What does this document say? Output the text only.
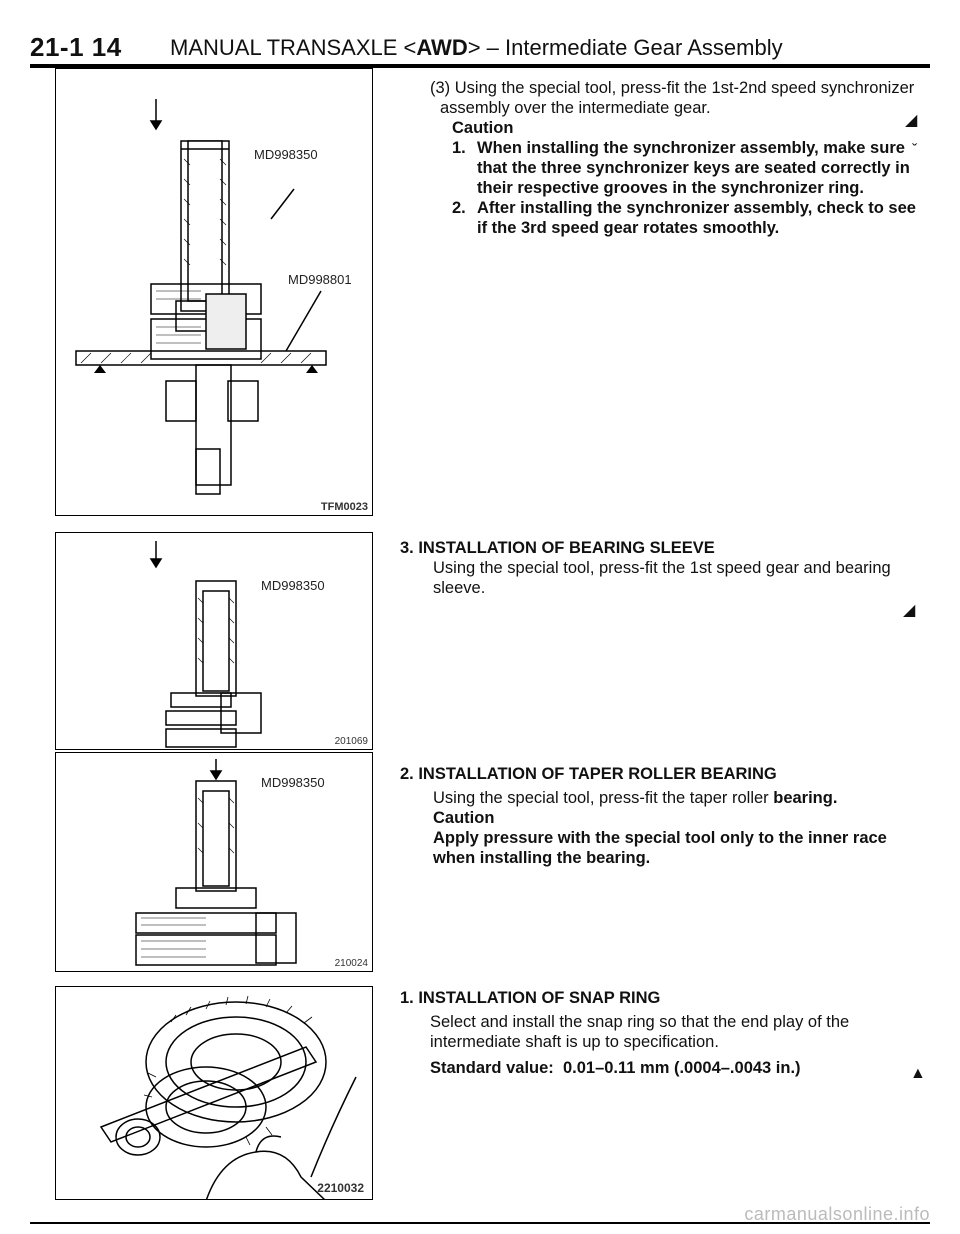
21-1 14 MANUAL TRANSAXLE <AWD> – Intermediate Gear Assembly
MD998350
MD998801
TFM0023
MD998350
201069
MD998350
210024
2210032

(3) Using the special tool, press-fit the 1st-2nd speed synchronizer assembly over the intermediate gear.

Caution

1. When installing the synchronizer assembly, make sure that the three synchronizer keys are seated correctly in their respective grooves in the synchronizer ring.
2. After installing the synchronizer assembly, check to see if the 3rd speed gear rotates smoothly.

3. INSTALLATION OF BEARING SLEEVE

Using the special tool, press-fit the 1st speed gear and bearing sleeve.

2. INSTALLATION OF TAPER ROLLER BEARING

Using the special tool, press-fit the taper roller bearing.

Caution

Apply pressure with the special tool only to the inner race when installing the bearing.

1. INSTALLATION OF SNAP RING

Select and install the snap ring so that the end play of the intermediate shaft is up to specification.

Standard value: 0.01–0.11 mm (.0004–.0043 in.)

◢
ˇ
◢
▲
carmanualsonline.info
